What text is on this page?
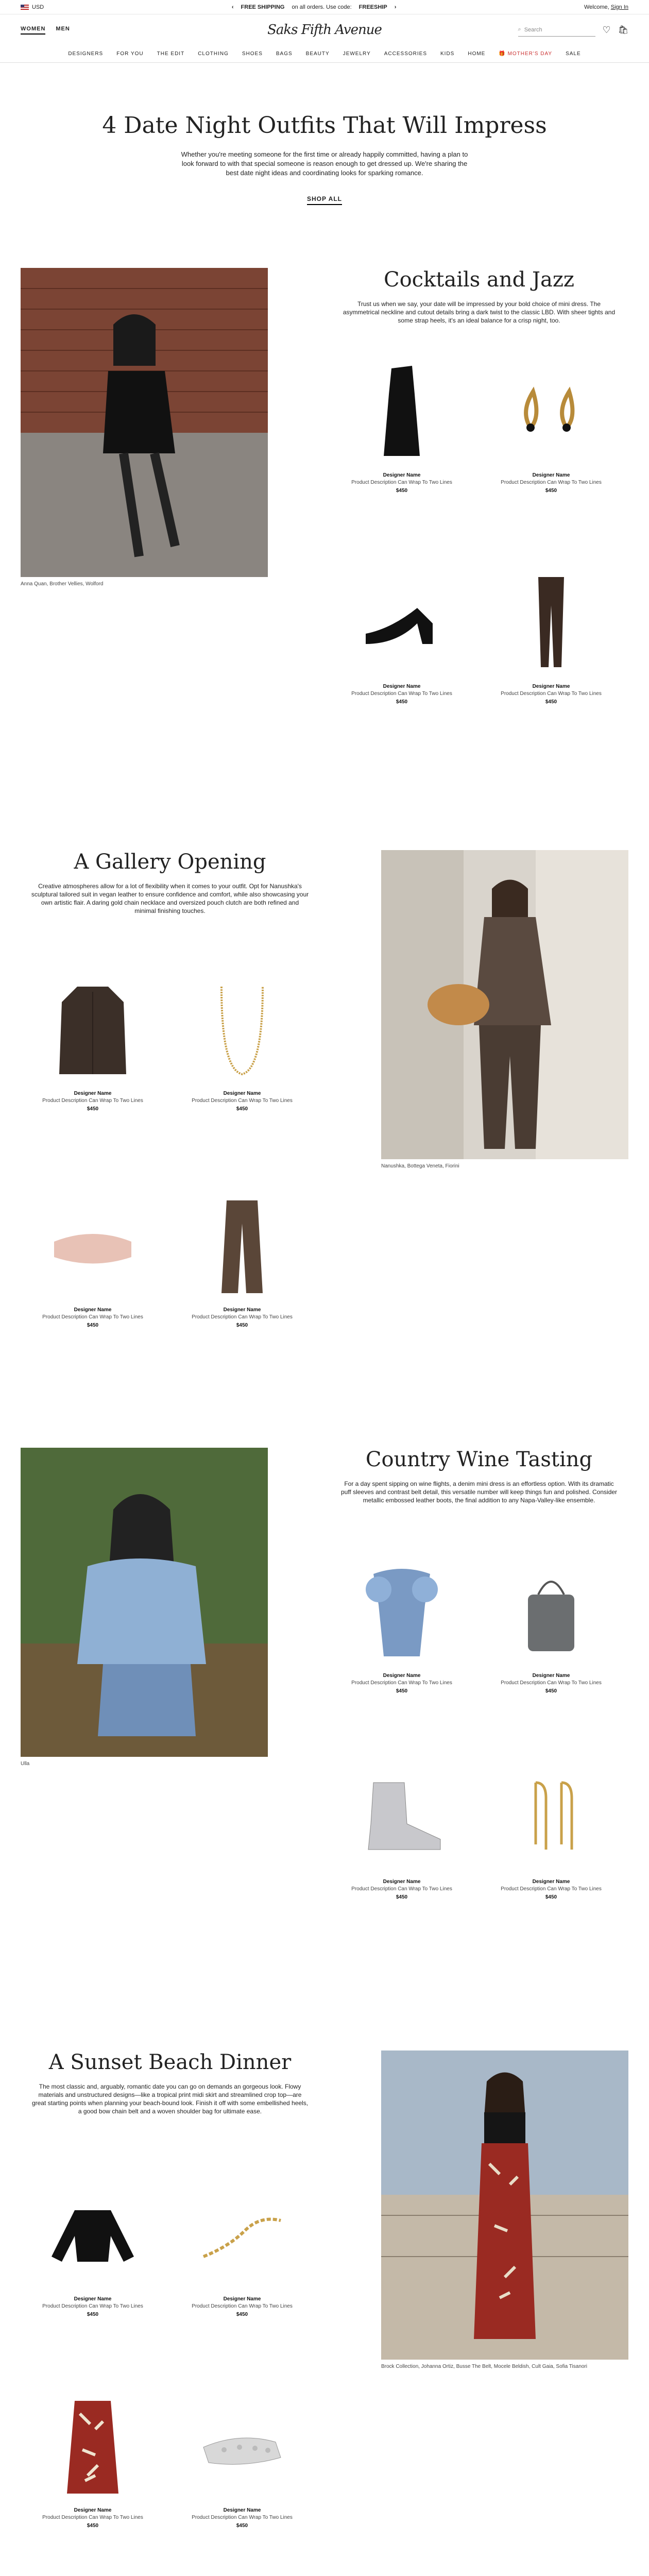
USD	‹ FREE SHIPPING on all orders. Use code: FREESHIP ›	Welcome, Sign In
WOMEN MEN	Saks Fifth Avenue	⌕ Search	♡ 🛍
DESIGNERS	FOR YOU	THE EDIT	CLOTHING	SHOES	BAGS	BEAUTY	JEWELRY	ACCESSORIES	KIDS	HOME	🎁 MOTHER'S DAY	SALE
4 Date Night Outfits That Will Impress

Whether you're meeting someone for the first time or already happily committed, having a plan to look forward to with that special someone is reason enough to get dressed up. We're sharing the best date night ideas and coordinating looks for sparking romance.

SHOP ALL
Anna Quan, Brother Vellies, Wolford
Cocktails and Jazz
Trust us when we say, your date will be impressed by your bold choice of mini dress. The asymmetrical neckline and cutout details bring a dark twist to the classic LBD. With sheer tights and some strap heels, it's an ideal balance for a crisp night, too.
Designer Name
Product Description Can Wrap To Two Lines
$450
Designer Name
Product Description Can Wrap To Two Lines
$450
Designer Name
Product Description Can Wrap To Two Lines
$450
Designer Name
Product Description Can Wrap To Two Lines
$450
A Gallery Opening
Creative atmospheres allow for a lot of flexibility when it comes to your outfit. Opt for Nanushka's sculptural tailored suit in vegan leather to ensure confidence and comfort, while also showcasing your own artistic flair. A daring gold chain necklace and oversized pouch clutch are both refined and minimal finishing touches.
Nanushka, Bottega Veneta, Fiorini
Designer Name
Product Description Can Wrap To Two Lines
$450
Designer Name
Product Description Can Wrap To Two Lines
$450
Designer Name
Product Description Can Wrap To Two Lines
$450
Designer Name
Product Description Can Wrap To Two Lines
$450
Ulla
Country Wine Tasting
For a day spent sipping on wine flights, a denim mini dress is an effortless option. With its dramatic puff sleeves and contrast belt detail, this versatile number will keep things fun and polished. Consider metallic embossed leather boots, the final addition to any Napa-Valley-like ensemble.
Designer Name
Product Description Can Wrap To Two Lines
$450
Designer Name
Product Description Can Wrap To Two Lines
$450
Designer Name
Product Description Can Wrap To Two Lines
$450
Designer Name
Product Description Can Wrap To Two Lines
$450
A Sunset Beach Dinner
The most classic and, arguably, romantic date you can go on demands an gorgeous look. Flowy materials and unstructured designs—like a tropical print midi skirt and streamlined crop top—are great starting points when planning your beach-bound look. Finish it off with some embellished heels, a good bow chain belt and a woven shoulder bag for ultimate ease.
Brock Collection, Johanna Ortiz, Busse The Belt, Mocele Beldish, Cult Gaia, Sofia Tisanori
Designer Name
Product Description Can Wrap To Two Lines
$450
Designer Name
Product Description Can Wrap To Two Lines
$450
Designer Name
Product Description Can Wrap To Two Lines
$450
Designer Name
Product Description Can Wrap To Two Lines
$450
